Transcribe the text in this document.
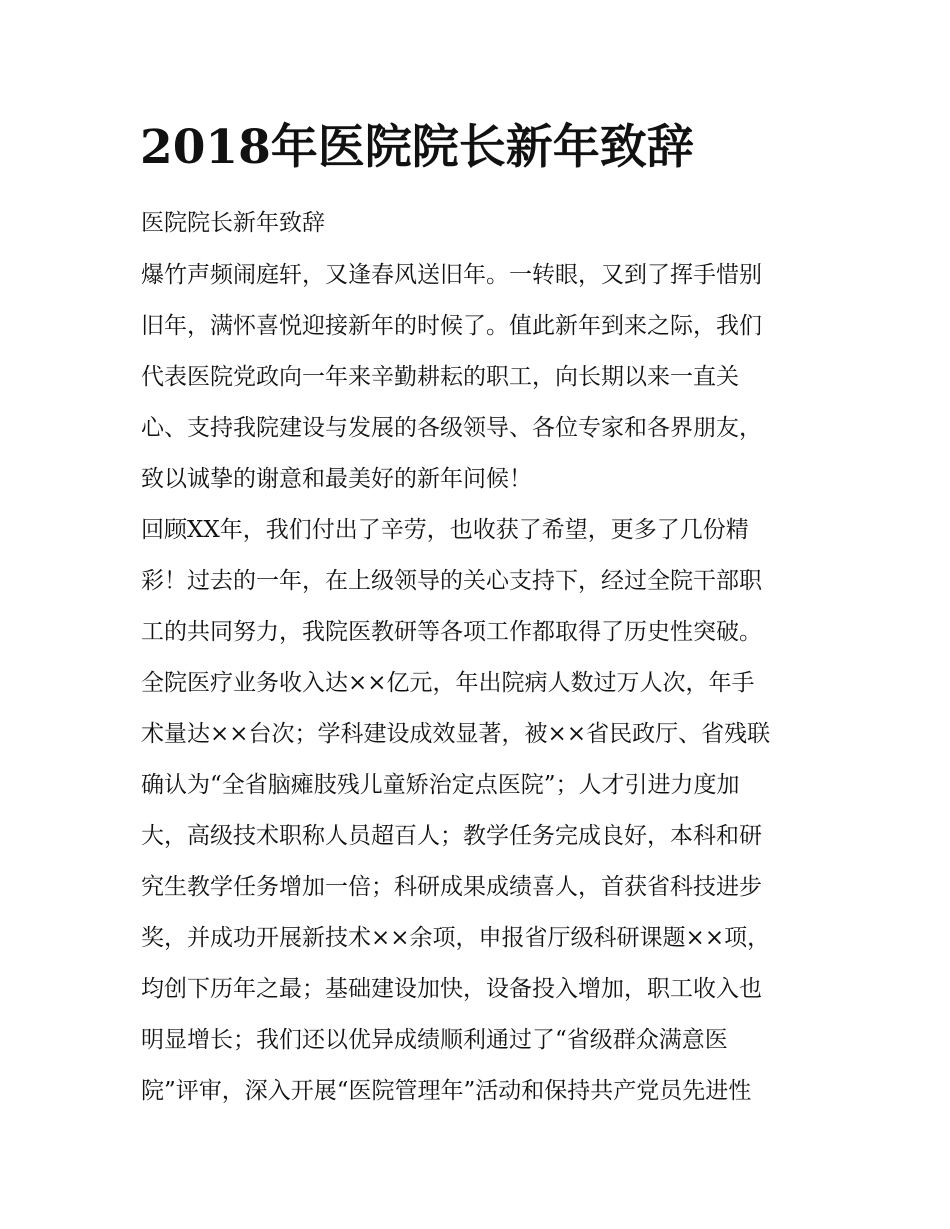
2018年医院院长新年致辞

医院院长新年致辞

爆竹声频闹庭轩，又逢春风送旧年。一转眼，又到了挥手惜别

旧年，满怀喜悦迎接新年的时候了。值此新年到来之际，我们

代表医院党政向一年来辛勤耕耘的职工，向长期以来一直关

心、支持我院建设与发展的各级领导、各位专家和各界朋友，

致以诚挚的谢意和最美好的新年问候！

回顾XX年，我们付出了辛劳，也收获了希望，更多了几份精

彩！过去的一年，在上级领导的关心支持下，经过全院干部职

工的共同努力，我院医教研等各项工作都取得了历史性突破。

全院医疗业务收入达××亿元，年出院病人数过万人次，年手

术量达××台次；学科建设成效显著，被××省民政厅、省残联

确认为“全省脑瘫肢残儿童矫治定点医院”；人才引进力度加

大，高级技术职称人员超百人；教学任务完成良好，本科和研

究生教学任务增加一倍；科研成果成绩喜人，首获省科技进步

奖，并成功开展新技术××余项，申报省厅级科研课题××项，

均创下历年之最；基础建设加快，设备投入增加，职工收入也

明显增长；我们还以优异成绩顺利通过了“省级群众满意医

院”评审，深入开展“医院管理年”活动和保持共产党员先进性
